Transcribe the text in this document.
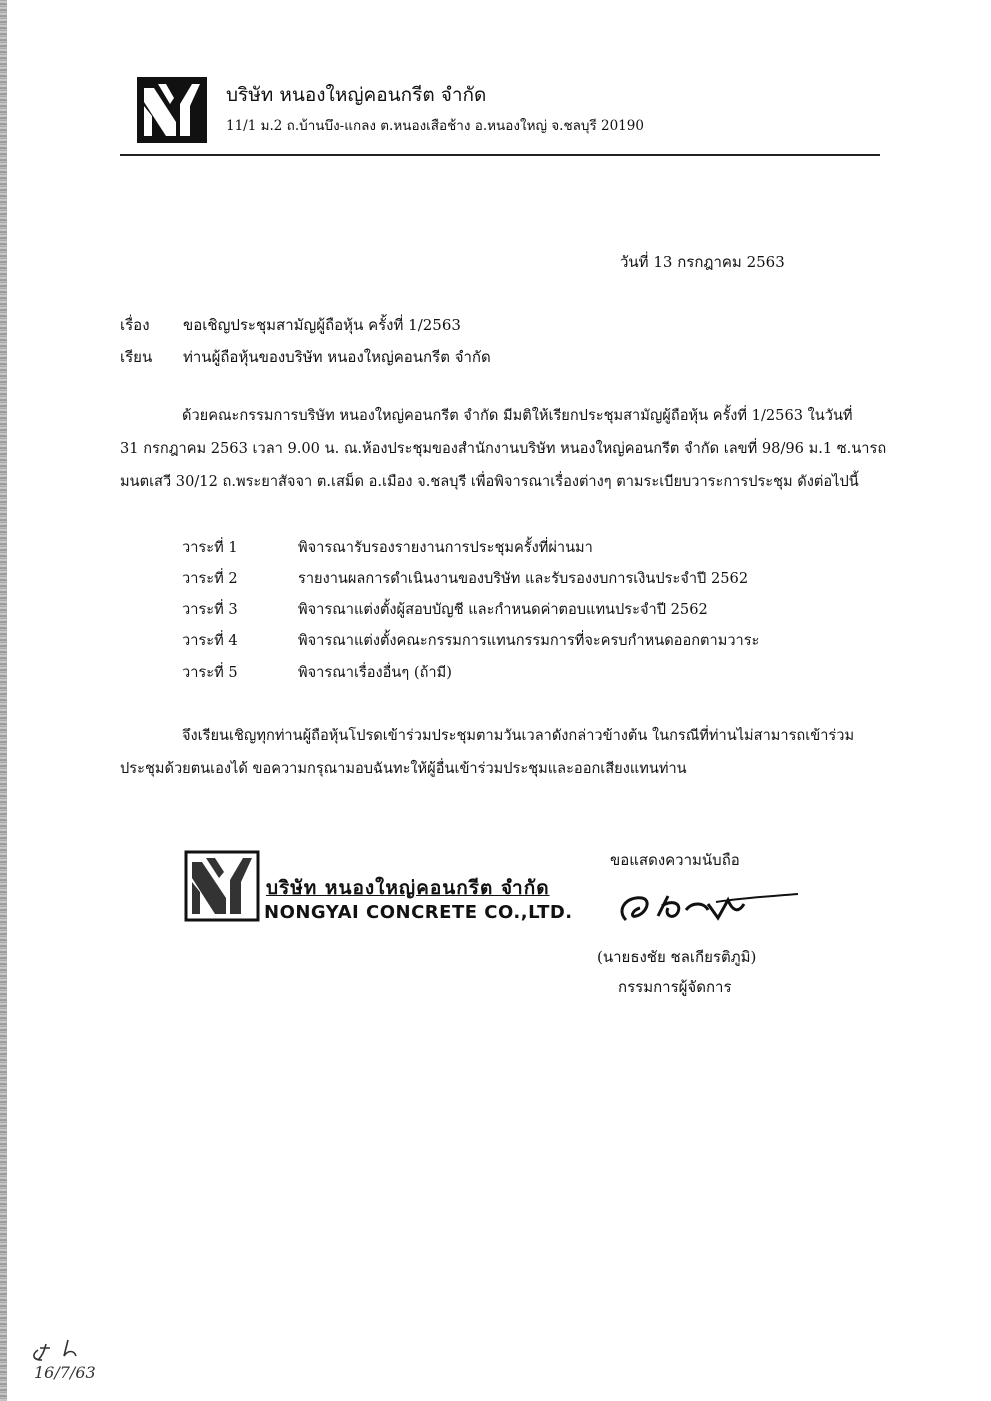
บริษัท หนองใหญ่คอนกรีต จำกัด
11/1 ม.2 ถ.บ้านบึง-แกลง ต.หนองเสือช้าง อ.หนองใหญ่ จ.ชลบุรี 20190
วันที่ 13 กรกฎาคม 2563
เรื่อง ขอเชิญประชุมสามัญผู้ถือหุ้น ครั้งที่ 1/2563
เรียน ท่านผู้ถือหุ้นของบริษัท หนองใหญ่คอนกรีต จำกัด
ด้วยคณะกรรมการบริษัท หนองใหญ่คอนกรีต จำกัด มีมติให้เรียกประชุมสามัญผู้ถือหุ้น ครั้งที่ 1/2563 ในวันที่
31 กรกฎาคม 2563 เวลา 9.00 น. ณ.ห้องประชุมของสำนักงานบริษัท หนองใหญ่คอนกรีต จำกัด เลขที่ 98/96 ม.1 ซ.นารถ
มนตเสวี 30/12 ถ.พระยาสัจจา ต.เสม็ด อ.เมือง จ.ชลบุรี เพื่อพิจารณาเรื่องต่างๆ ตามระเบียบวาระการประชุม ดังต่อไปนี้
วาระที่ 1	พิจารณารับรองรายงานการประชุมครั้งที่ผ่านมา
วาระที่ 2	รายงานผลการดำเนินงานของบริษัท และรับรองงบการเงินประจำปี 2562
วาระที่ 3	พิจารณาแต่งตั้งผู้สอบบัญชี และกำหนดค่าตอบแทนประจำปี 2562
วาระที่ 4	พิจารณาแต่งตั้งคณะกรรมการแทนกรรมการที่จะครบกำหนดออกตามวาระ
วาระที่ 5	พิจารณาเรื่องอื่นๆ (ถ้ามี)
จึงเรียนเชิญทุกท่านผู้ถือหุ้นโปรดเข้าร่วมประชุมตามวันเวลาดังกล่าวข้างต้น ในกรณีที่ท่านไม่สามารถเข้าร่วม
ประชุมด้วยตนเองได้ ขอความกรุณามอบฉันทะให้ผู้อื่นเข้าร่วมประชุมและออกเสียงแทนท่าน
บริษัท หนองใหญ่คอนกรีต จำกัด
NONGYAI CONCRETE CO.,LTD.
ขอแสดงความนับถือ
(นายธงชัย ชลเกียรติภูมิ)
กรรมการผู้จัดการ
16/7/63
